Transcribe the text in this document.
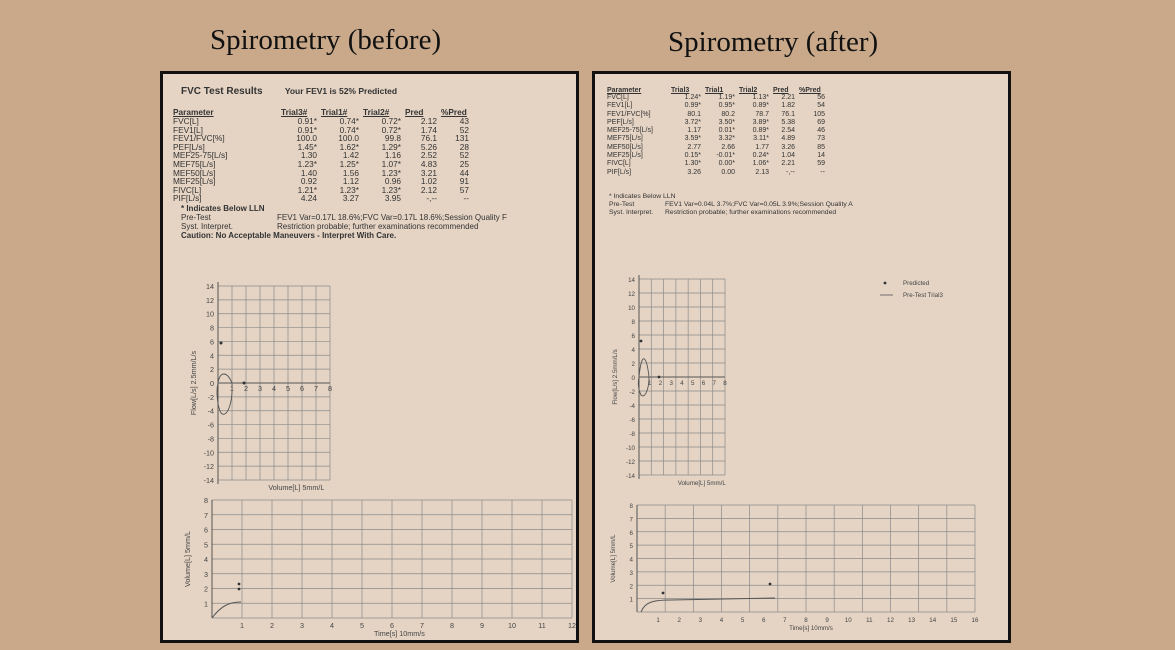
Spirometry (before)	Spirometry (after)
FVC Test Results	Your FEV1 is 52% Predicted
Parameter	Trial3#	Trial1#	Trial2#	Pred	%Pred
FVC[L]	0.91*	0.74*	0.72*	2.12	43
FEV1[L]	0.91*	0.74*	0.72*	1.74	52
FEV1/FVC[%]	100.0	100.0	99.8	76.1	131
PEF[L/s]	1.45*	1.62*	1.29*	5.26	28
MEF25-75[L/s]	1.30	1.42	1.16	2.52	52
MEF75[L/s]	1.23*	1.25*	1.07*	4.83	25
MEF50[L/s]	1.40	1.56	1.23*	3.21	44
MEF25[L/s]	0.92	1.12	0.96	1.02	91
FIVC[L]	1.21*	1.23*	1.23*	2.12	57
PIF[L/s]	4.24	3.27	3.95	-,--	--
* Indicates Below LLN
Pre-Test	FEV1 Var=0.17L 18.6%;FVC Var=0.17L 18.6%;Session Quality F
Syst. Interpret.	Restriction probable; further examinations recommended
Caution: No Acceptable Maneuvers - Interpret With Care.
14
12
10
8
6
4
2
0
-2
-4
-6
-8
-10
-12
-14
1 2 3 4 5 6 7 8
Volume[L] 5mm/L
Flow[L/s] 2.5mm/L/s
8
7
6
5
4
3
2
1
1	2	3	4	5	6	7	8	9	10	11	12
Time[s] 10mm/s
Volume[L] 5mm/L
Parameter	Trial3	Trial1	Trial2	Pred	%Pred
FVC[L]	1.24*	1.19*	1.13*	2.21	56
FEV1[L]	0.99*	0.95*	0.89*	1.82	54
FEV1/FVC[%]	80.1	80.2	78.7	76.1	105
PEF[L/s]	3.72*	3.50*	3.89*	5.38	69
MEF25-75[L/s]	1.17	0.01*	0.89*	2.54	46
MEF75[L/s]	3.59*	3.32*	3.11*	4.89	73
MEF50[L/s]	2.77	2.66	1.77	3.26	85
MEF25[L/s]	0.15*	-0.01*	0.24*	1.04	14
FIVC[L]	1.30*	0.00*	1.06*	2.21	59
PIF[L/s]	3.26	0.00	2.13	-,--	--
* Indicates Below LLN
Pre-Test	FEV1 Var=0.04L 3.7%;FVC Var=0.05L 3.9%;Session Quality A
Syst. Interpret. Restriction probable; further examinations recommended
14
12
10
8
6
4
2
0
-2
-4
-6
-8
-10
-12
-14
1 2 3 4 5 6 7 8
Volume[L] 5mm/L
Flow[L/s] 2.5mm/L/s
Predicted
Pre-Test Trial3
8
7
6
5
4
3
2
1
1	2	3	4	5	6	7	8	9	10 11 12 13 14 15 16
Time[s] 10mm/s
Volume[L] 5mm/L
